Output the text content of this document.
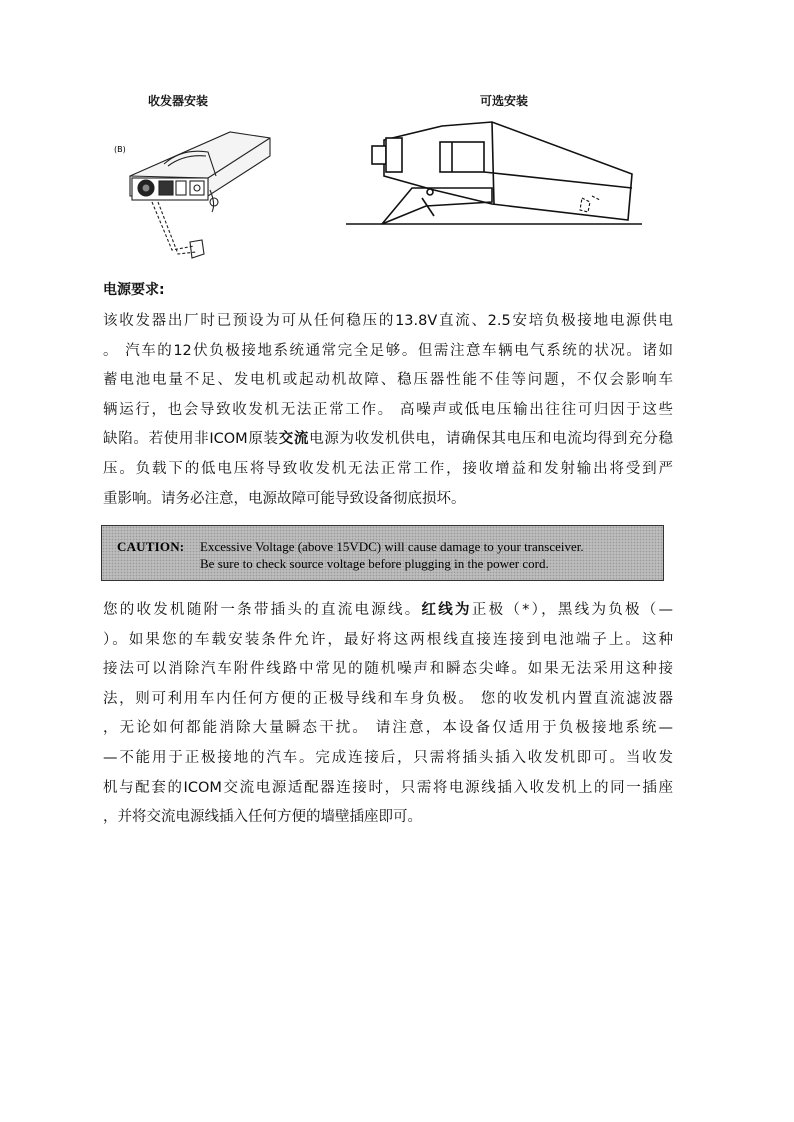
收发器安装	可选安装
(B)
电源要求:
该收发器出厂时已预设为可从任何稳压的13.8V直流、2.5安培负极接地电源供电
。 汽车的12伏负极接地系统通常完全足够。但需注意车辆电气系统的状况。诸如
蓄电池电量不足、发电机或起动机故障、稳压器性能不佳等问题，不仅会影响车
辆运行，也会导致收发机无法正常工作。 高噪声或低电压输出往往可归因于这些
缺陷。若使用非ICOM原装交流电源为收发机供电，请确保其电压和电流均得到充分稳
压。负载下的低电压将导致收发机无法正常工作，接收增益和发射输出将受到严
重影响。请务必注意，电源故障可能导致设备彻底损坏。
CAUTION: Excessive Voltage (above 15VDC) will cause damage to your transceiver.
Be sure to check source voltage before plugging in the power cord.
您的收发机随附一条带插头的直流电源线。红线为正极（*），黑线为负极（—
）。如果您的车载安装条件允许，最好将这两根线直接连接到电池端子上。这种
接法可以消除汽车附件线路中常见的随机噪声和瞬态尖峰。如果无法采用这种接
法，则可利用车内任何方便的正极导线和车身负极。 您的收发机内置直流滤波器
，无论如何都能消除大量瞬态干扰。 请注意，本设备仅适用于负极接地系统—
—不能用于正极接地的汽车。完成连接后，只需将插头插入收发机即可。当收发
机与配套的ICOM交流电源适配器连接时，只需将电源线插入收发机上的同一插座
，并将交流电源线插入任何方便的墙壁插座即可。
